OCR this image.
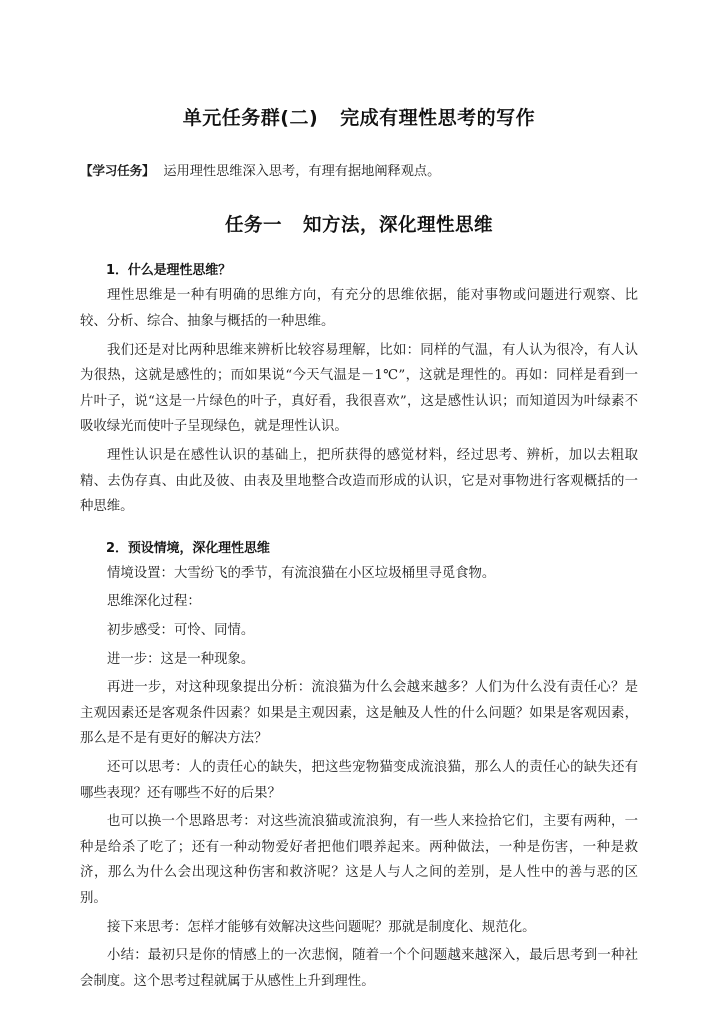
单元任务群(二) 完成有理性思考的写作

【学习任务】 运用理性思维深入思考，有理有据地阐释观点。

任务一 知方法，深化理性思维
1．什么是理性思维？

理性思维是一种有明确的思维方向，有充分的思维依据，能对事物或问题进行观察、比较、分析、综合、抽象与概括的一种思维。

我们还是对比两种思维来辨析比较容易理解，比如：同样的气温，有人认为很冷，有人认为很热，这就是感性的；而如果说“今天气温是－1℃”，这就是理性的。再如：同样是看到一片叶子，说“这是一片绿色的叶子，真好看，我很喜欢”，这是感性认识；而知道因为叶绿素不吸收绿光而使叶子呈现绿色，就是理性认识。

理性认识是在感性认识的基础上，把所获得的感觉材料，经过思考、辨析，加以去粗取精、去伪存真、由此及彼、由表及里地整合改造而形成的认识，它是对事物进行客观概括的一种思维。

2．预设情境，深化理性思维

情境设置：大雪纷飞的季节，有流浪猫在小区垃圾桶里寻觅食物。

思维深化过程：

初步感受：可怜、同情。

进一步：这是一种现象。

再进一步，对这种现象提出分析：流浪猫为什么会越来越多？人们为什么没有责任心？是主观因素还是客观条件因素？如果是主观因素，这是触及人性的什么问题？如果是客观因素，那么是不是有更好的解决方法？

还可以思考：人的责任心的缺失，把这些宠物猫变成流浪猫，那么人的责任心的缺失还有哪些表现？还有哪些不好的后果？

也可以换一个思路思考：对这些流浪猫或流浪狗，有一些人来捡拾它们，主要有两种，一种是给杀了吃了；还有一种动物爱好者把他们喂养起来。两种做法，一种是伤害，一种是救济，那么为什么会出现这种伤害和救济呢？这是人与人之间的差别，是人性中的善与恶的区别。

接下来思考：怎样才能够有效解决这些问题呢？那就是制度化、规范化。

小结：最初只是你的情感上的一次悲悯，随着一个个问题越来越深入，最后思考到一种社会制度。这个思考过程就属于从感性上升到理性。
